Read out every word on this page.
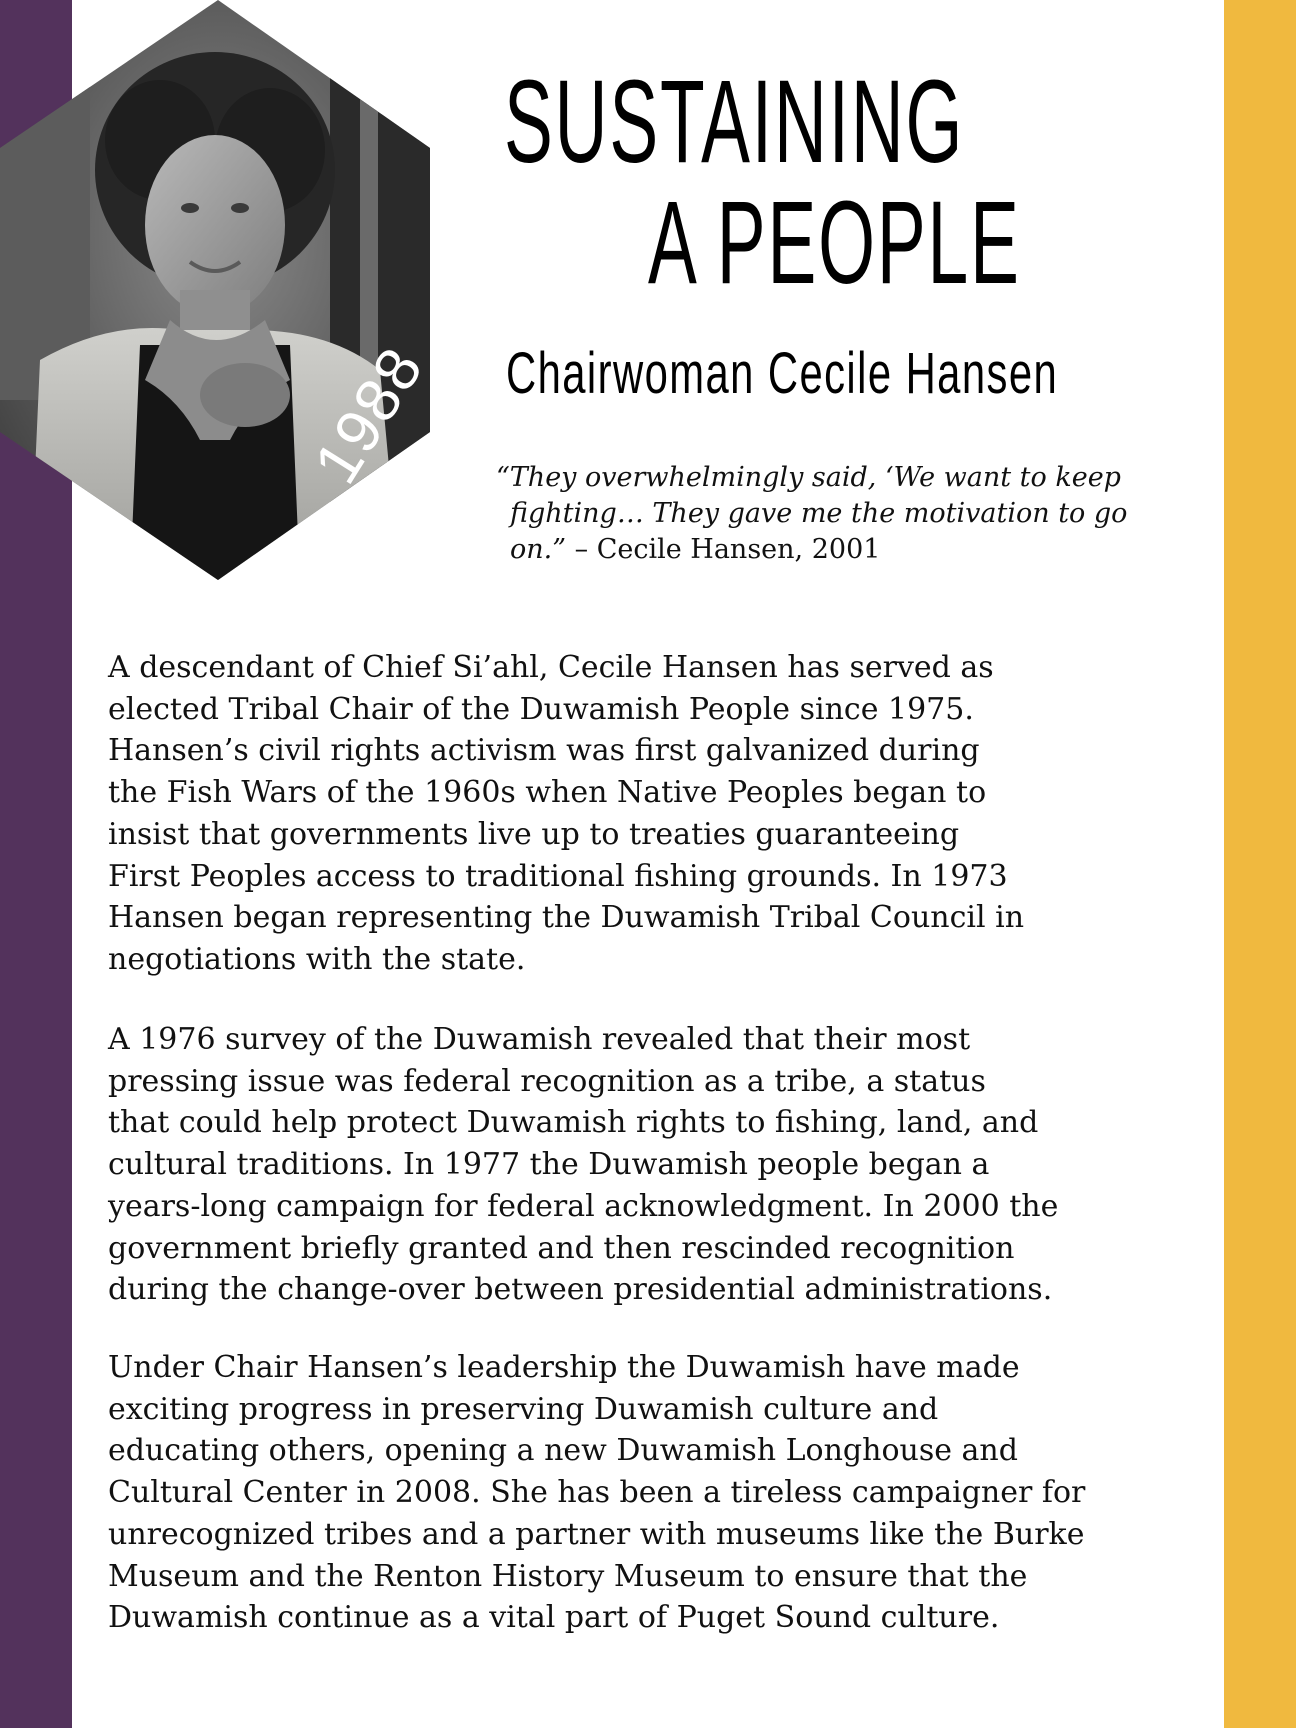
1988
SUSTAINING
A PEOPLE
Chairwoman Cecile Hansen
“They overwhelmingly said, ‘We want to keep
fighting… They gave me the motivation to go
on.” – Cecile Hansen, 2001
A descendant of Chief Si’ahl, Cecile Hansen has served as
elected Tribal Chair of the Duwamish People since 1975.
Hansen’s civil rights activism was first galvanized during
the Fish Wars of the 1960s when Native Peoples began to
insist that governments live up to treaties guaranteeing
First Peoples access to traditional fishing grounds. In 1973
Hansen began representing the Duwamish Tribal Council in
negotiations with the state.
A 1976 survey of the Duwamish revealed that their most
pressing issue was federal recognition as a tribe, a status
that could help protect Duwamish rights to fishing, land, and
cultural traditions. In 1977 the Duwamish people began a
years-long campaign for federal acknowledgment. In 2000 the
government briefly granted and then rescinded recognition
during the change-over between presidential administrations.
Under Chair Hansen’s leadership the Duwamish have made
exciting progress in preserving Duwamish culture and
educating others, opening a new Duwamish Longhouse and
Cultural Center in 2008. She has been a tireless campaigner for
unrecognized tribes and a partner with museums like the Burke
Museum and the Renton History Museum to ensure that the
Duwamish continue as a vital part of Puget Sound culture.
